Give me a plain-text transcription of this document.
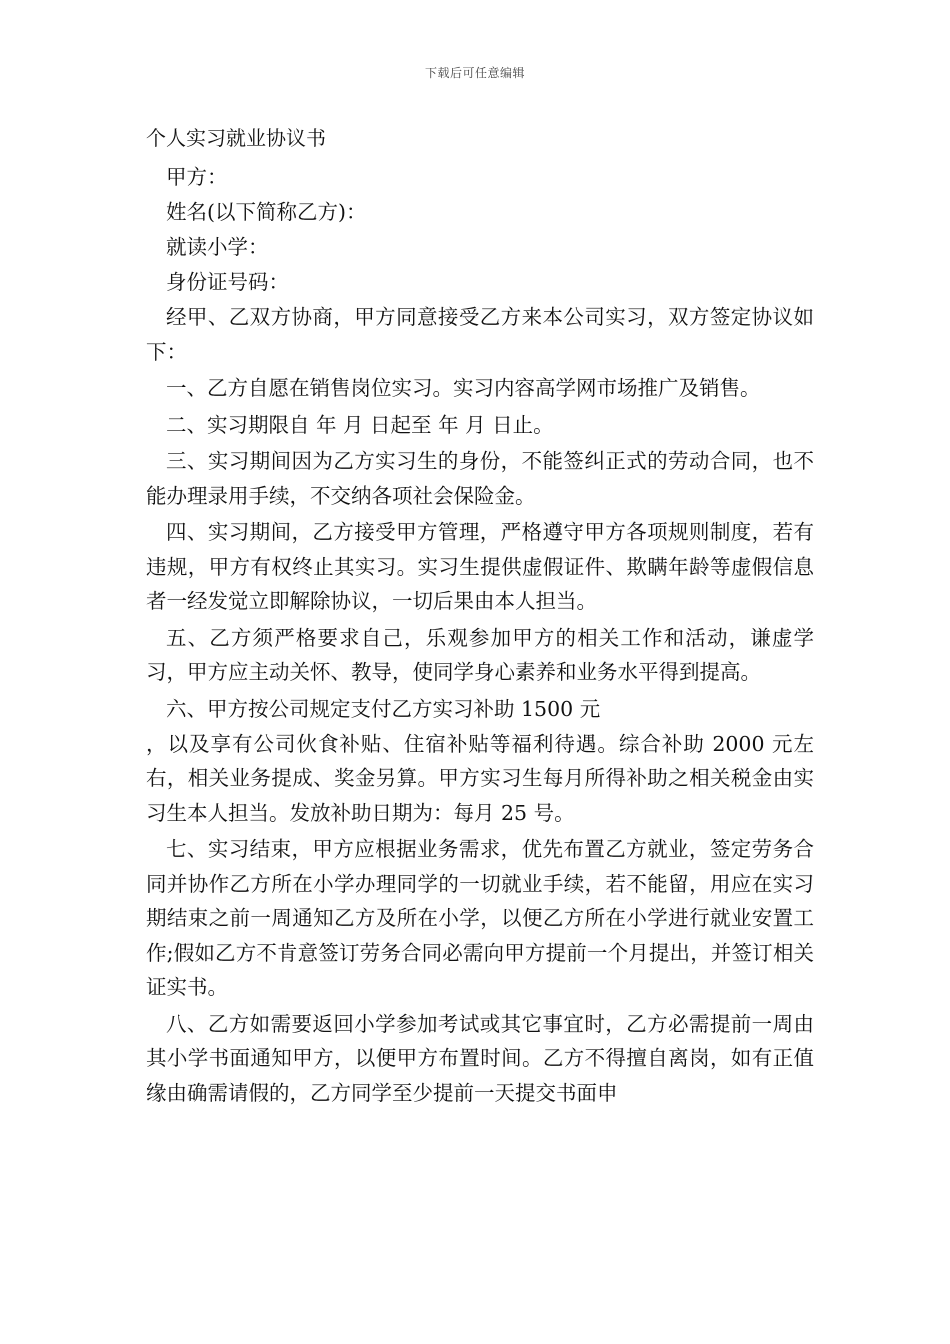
下载后可任意编辑
个人实习就业协议书

甲方：

姓名(以下简称乙方)：

就读小学：

身份证号码：

经甲、乙双方协商，甲方同意接受乙方来本公司实习，双方签定协议如下：

一、乙方自愿在销售岗位实习。实习内容高学网市场推广及销售。

二、实习期限自 年 月 日起至 年 月 日止。

三、实习期间因为乙方实习生的身份，不能签纠正式的劳动合同，也不能办理录用手续，不交纳各项社会保险金。

四、实习期间，乙方接受甲方管理，严格遵守甲方各项规则制度，若有违规，甲方有权终止其实习。实习生提供虚假证件、欺瞒年龄等虚假信息者一经发觉立即解除协议，一切后果由本人担当。

五、乙方须严格要求自己，乐观参加甲方的相关工作和活动，谦虚学习，甲方应主动关怀、教导，使同学身心素养和业务水平得到提高。

六、甲方按公司规定支付乙方实习补助 1500 元

，以及享有公司伙食补贴、住宿补贴等福利待遇。综合补助 2000 元左右，相关业务提成、奖金另算。甲方实习生每月所得补助之相关税金由实习生本人担当。发放补助日期为：每月 25 号。

七、实习结束，甲方应根据业务需求，优先布置乙方就业，签定劳务合同并协作乙方所在小学办理同学的一切就业手续，若不能留，用应在实习期结束之前一周通知乙方及所在小学，以便乙方所在小学进行就业安置工作;假如乙方不肯意签订劳务合同必需向甲方提前一个月提出，并签订相关证实书。

八、乙方如需要返回小学参加考试或其它事宜时，乙方必需提前一周由其小学书面通知甲方，以便甲方布置时间。乙方不得擅自离岗，如有正值缘由确需请假的，乙方同学至少提前一天提交书面申
